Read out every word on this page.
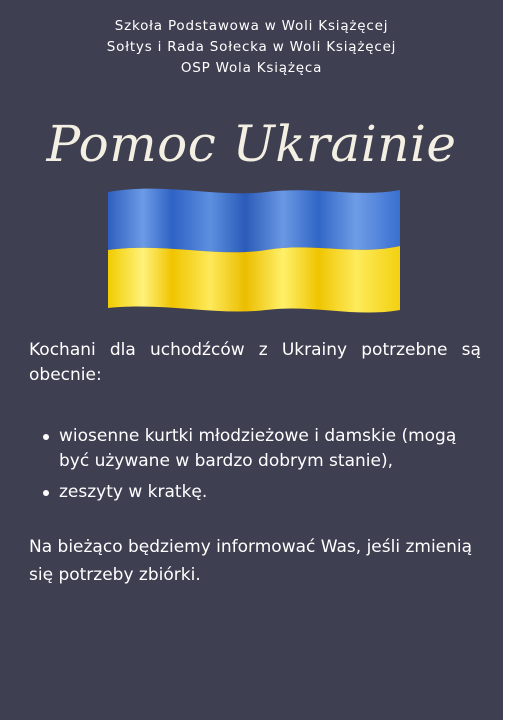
Szkoła Podstawowa w Woli Książęcej
Sołtys i Rada Sołecka w Woli Książęcej
OSP Wola Książęca
Pomoc Ukrainie
Kochani dla uchodźców z Ukrainy potrzebne są
obecnie:
wiosenne kurtki młodzieżowe i damskie (mogą
być używane w bardzo dobrym stanie),
zeszyty w kratkę.
Na bieżąco będziemy informować Was, jeśli zmienią
się potrzeby zbiórki.
